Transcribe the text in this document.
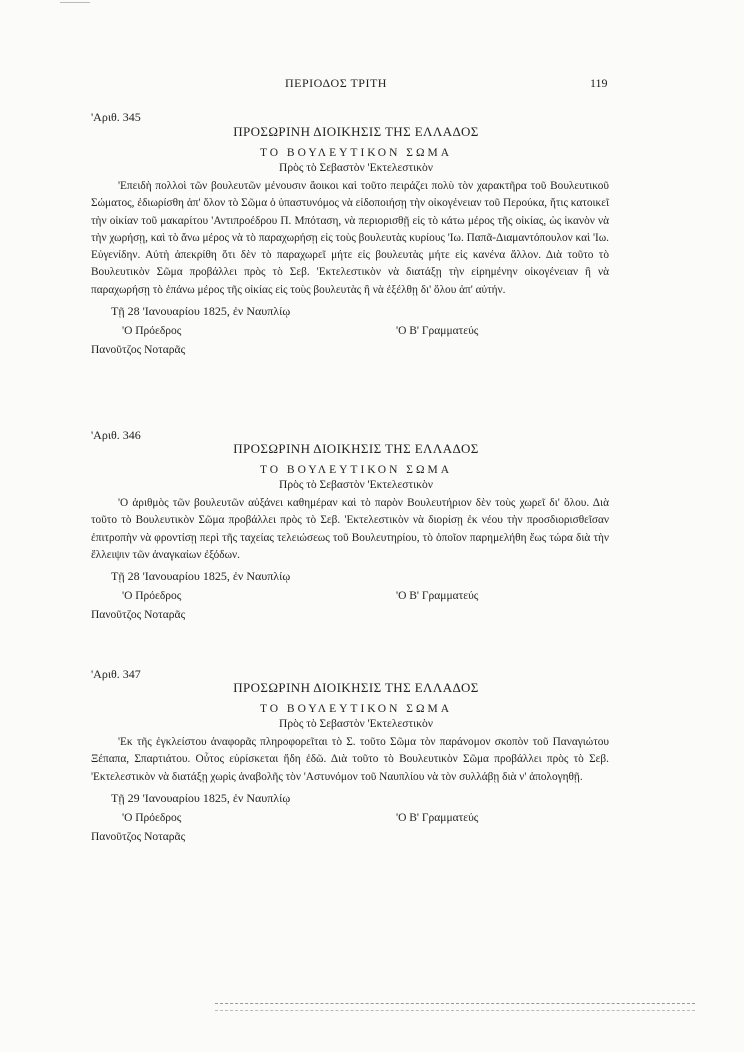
ΠΕΡΙΟΔΟΣ ΤΡΙΤΗ	119
'Αριθ. 345
ΠΡΟΣΩΡΙΝΗ ΔΙΟΙΚΗΣΙΣ ΤΗΣ ΕΛΛΑΔΟΣ
ΤΟ ΒΟΥΛΕΥΤΙΚΟΝ ΣΩΜΑ
Πρὸς τὸ Σεβαστὸν 'Εκτελεστικὸν

'Επειδὴ πολλοὶ τῶν βουλευτῶν μένουσιν ἄοικοι καὶ τοῦτο πειράζει πολὺ τὸν χαρακτῆρα τοῦ Βουλευτικοῦ Σώματος, ἐδιωρίσθη ἀπ' ὅλον τὸ Σῶμα ὁ ὑπαστυνόμος νὰ εἰδοποιήσῃ τὴν οἰκογένειαν τοῦ Περούκα, ἥτις κατοικεῖ τὴν οἰκίαν τοῦ μακαρίτου 'Αντιπροέδρου Π. Μπόταση, νὰ περιορισθῇ εἰς τὸ κάτω μέρος τῆς οἰκίας, ὡς ἱκανὸν νὰ τὴν χωρήσῃ, καὶ τὸ ἄνω μέρος νὰ τὸ παραχωρήσῃ εἰς τοὺς βουλευτὰς κυρίους 'Ιω. Παπᾶ-Διαμαντόπουλον καὶ 'Ιω. Εὐγενίδην. Αὐτὴ ἀπεκρίθη ὅτι δὲν τὸ παραχωρεῖ μήτε εἰς βουλευτὰς μήτε εἰς κανένα ἄλλον. Διὰ τοῦτο τὸ Βουλευτικὸν Σῶμα προβάλλει πρὸς τὸ Σεβ. 'Εκτελεστικὸν νὰ διατάξῃ τὴν εἰρημένην οἰκογένειαν ἢ νὰ παραχωρήσῃ τὸ ἐπάνω μέρος τῆς οἰκίας εἰς τοὺς βουλευτὰς ἢ νὰ ἐξέλθῃ δι' ὅλου ἀπ' αὐτήν.

Τῇ 28 'Ιανουαρίου 1825, ἐν Ναυπλίῳ
'Ο Πρόεδρος
Πανοῦτζος Νοταρᾶς
'Ο Β' Γραμματεύς
'Αριθ. 346
ΠΡΟΣΩΡΙΝΗ ΔΙΟΙΚΗΣΙΣ ΤΗΣ ΕΛΛΑΔΟΣ
ΤΟ ΒΟΥΛΕΥΤΙΚΟΝ ΣΩΜΑ
Πρὸς τὸ Σεβαστὸν 'Εκτελεστικὸν

'Ο ἀριθμὸς τῶν βουλευτῶν αὐξάνει καθημέραν καὶ τὸ παρὸν Βουλευτήριον δὲν τοὺς χωρεῖ δι' ὅλου. Διὰ τοῦτο τὸ Βουλευτικὸν Σῶμα προβάλλει πρὸς τὸ Σεβ. 'Εκτελεστικὸν νὰ διορίσῃ ἐκ νέου τὴν προσδιορισθεῖσαν ἐπιτροπὴν νὰ φροντίσῃ περὶ τῆς ταχείας τελειώσεως τοῦ Βουλευτηρίου, τὸ ὁποῖον παρημελήθη ἕως τώρα διὰ τὴν ἔλλειψιν τῶν ἀναγκαίων ἐξόδων.

Τῇ 28 'Ιανουαρίου 1825, ἐν Ναυπλίῳ
'Ο Πρόεδρος
Πανοῦτζος Νοταρᾶς
'Ο Β' Γραμματεύς
'Αριθ. 347
ΠΡΟΣΩΡΙΝΗ ΔΙΟΙΚΗΣΙΣ ΤΗΣ ΕΛΛΑΔΟΣ
ΤΟ ΒΟΥΛΕΥΤΙΚΟΝ ΣΩΜΑ
Πρὸς τὸ Σεβαστὸν 'Εκτελεστικὸν

'Εκ τῆς ἐγκλείστου ἀναφορᾶς πληροφορεῖται τὸ Σ. τοῦτο Σῶμα τὸν παράνομον σκοπὸν τοῦ Παναγιώτου Ξέπαπα, Σπαρτιάτου. Οὗτος εὑρίσκεται ἤδη ἐδῶ. Διὰ τοῦτο τὸ Βουλευτικὸν Σῶμα προβάλλει πρὸς τὸ Σεβ. 'Εκτελεστικὸν νὰ διατάξῃ χωρὶς ἀναβολῆς τὸν 'Αστυνόμον τοῦ Ναυπλίου νὰ τὸν συλλάβῃ διὰ ν' ἀπολογηθῇ.

Τῇ 29 'Ιανουαρίου 1825, ἐν Ναυπλίῳ
'Ο Πρόεδρος
Πανοῦτζος Νοταρᾶς
'Ο Β' Γραμματεύς
